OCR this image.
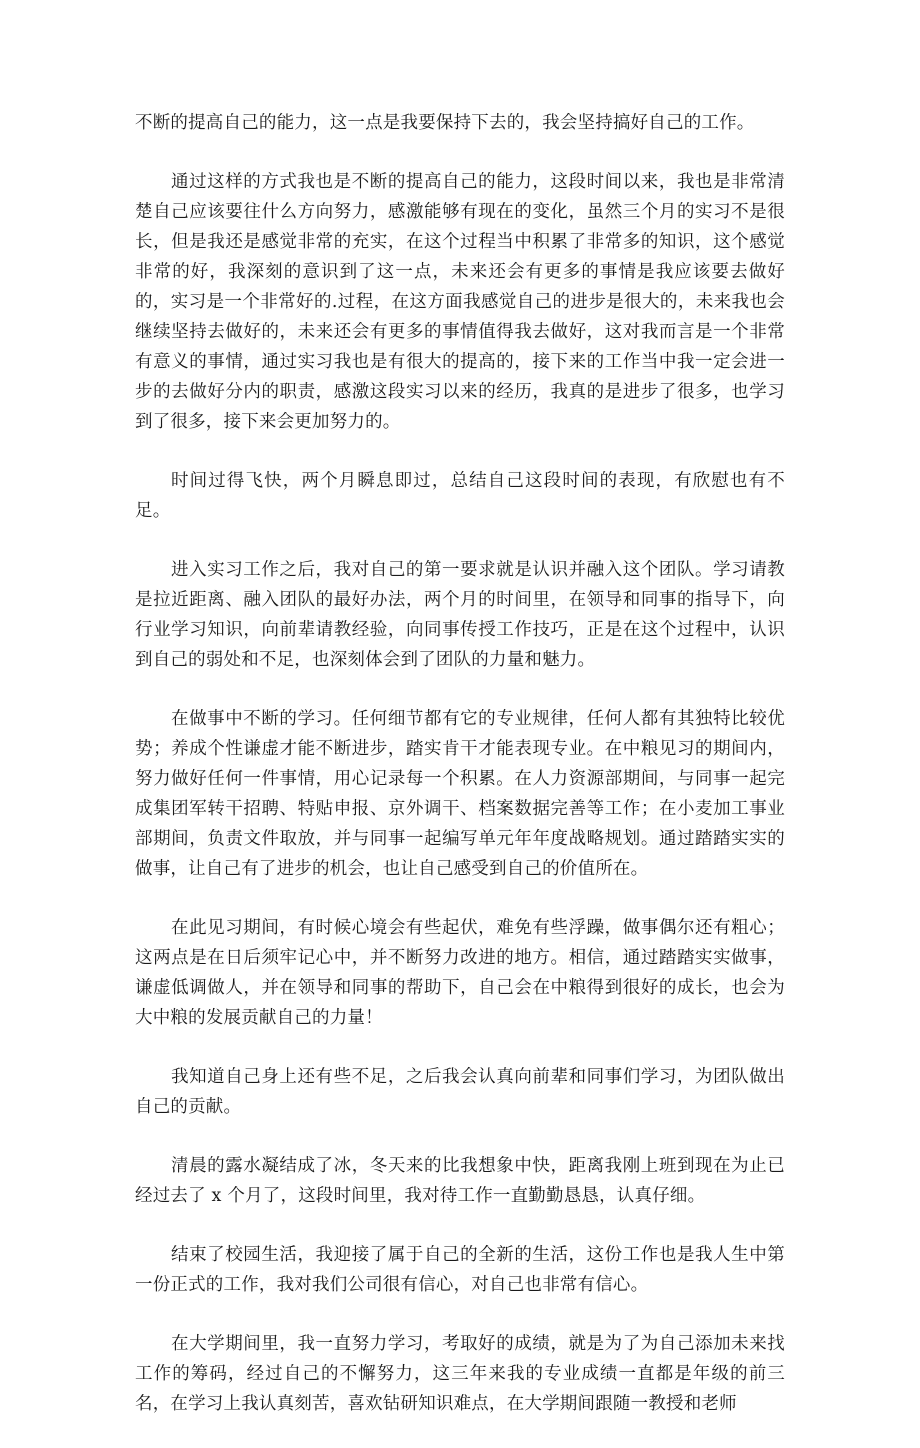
不断的提高自己的能力，这一点是我要保持下去的，我会坚持搞好自己的工作。

通过这样的方式我也是不断的提高自己的能力，这段时间以来，我也是非常清楚自己应该要往什么方向努力，感激能够有现在的变化，虽然三个月的实习不是很长，但是我还是感觉非常的充实，在这个过程当中积累了非常多的知识，这个感觉非常的好，我深刻的意识到了这一点，未来还会有更多的事情是我应该要去做好的，实习是一个非常好的.过程，在这方面我感觉自己的进步是很大的，未来我也会继续坚持去做好的，未来还会有更多的事情值得我去做好，这对我而言是一个非常有意义的事情，通过实习我也是有很大的提高的，接下来的工作当中我一定会进一步的去做好分内的职责，感激这段实习以来的经历，我真的是进步了很多，也学习到了很多，接下来会更加努力的。

时间过得飞快，两个月瞬息即过，总结自己这段时间的表现，有欣慰也有不足。

进入实习工作之后，我对自己的第一要求就是认识并融入这个团队。学习请教是拉近距离、融入团队的最好办法，两个月的时间里，在领导和同事的指导下，向行业学习知识，向前辈请教经验，向同事传授工作技巧，正是在这个过程中，认识到自己的弱处和不足，也深刻体会到了团队的力量和魅力。

在做事中不断的学习。任何细节都有它的专业规律，任何人都有其独特比较优势；养成个性谦虚才能不断进步，踏实肯干才能表现专业。在中粮见习的期间内，努力做好任何一件事情，用心记录每一个积累。在人力资源部期间，与同事一起完成集团军转干招聘、特贴申报、京外调干、档案数据完善等工作；在小麦加工事业部期间，负责文件取放，并与同事一起编写单元年年度战略规划。通过踏踏实实的做事，让自己有了进步的机会，也让自己感受到自己的价值所在。

在此见习期间，有时候心境会有些起伏，难免有些浮躁，做事偶尔还有粗心；这两点是在日后须牢记心中，并不断努力改进的地方。相信，通过踏踏实实做事，谦虚低调做人，并在领导和同事的帮助下，自己会在中粮得到很好的成长，也会为大中粮的发展贡献自己的力量！

我知道自己身上还有些不足，之后我会认真向前辈和同事们学习，为团队做出自己的贡献。

清晨的露水凝结成了冰，冬天来的比我想象中快，距离我刚上班到现在为止已经过去了 x 个月了，这段时间里，我对待工作一直勤勤恳恳，认真仔细。

结束了校园生活，我迎接了属于自己的全新的生活，这份工作也是我人生中第一份正式的工作，我对我们公司很有信心，对自己也非常有信心。

在大学期间里，我一直努力学习，考取好的成绩，就是为了为自己添加未来找工作的筹码，经过自己的不懈努力，这三年来我的专业成绩一直都是年级的前三名，在学习上我认真刻苦，喜欢钻研知识难点，在大学期间跟随一教授和老师
